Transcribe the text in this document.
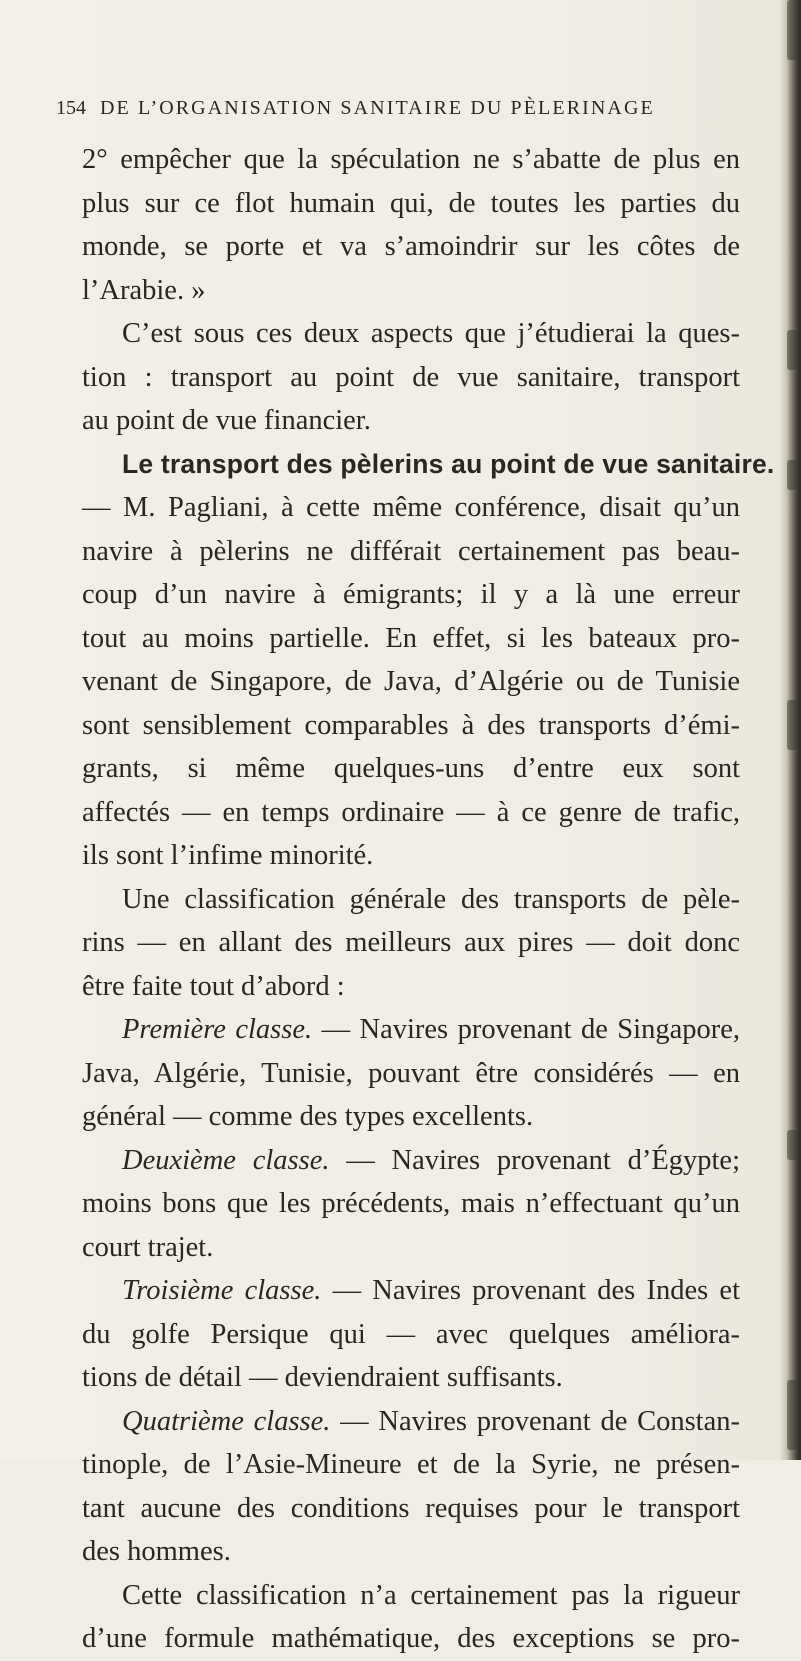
154 DE L’ORGANISATION SANITAIRE DU PÈLERINAGE
2° empêcher que la spéculation ne s’abatte de plus en
plus sur ce flot humain qui, de toutes les parties du
monde, se porte et va s’amoindrir sur les côtes de
l’Arabie. »
C’est sous ces deux aspects que j’étudierai la ques-
tion : transport au point de vue sanitaire, transport
au point de vue financier.
Le transport des pèlerins au point de vue sanitaire.
— M. Pagliani, à cette même conférence, disait qu’un
navire à pèlerins ne différait certainement pas beau-
coup d’un navire à émigrants; il y a là une erreur
tout au moins partielle. En effet, si les bateaux pro-
venant de Singapore, de Java, d’Algérie ou de Tunisie
sont sensiblement comparables à des transports d’émi-
grants, si même quelques-uns d’entre eux sont
affectés — en temps ordinaire — à ce genre de trafic,
ils sont l’infime minorité.
Une classification générale des transports de pèle-
rins — en allant des meilleurs aux pires — doit donc
être faite tout d’abord :
Première classe. — Navires provenant de Singapore,
Java, Algérie, Tunisie, pouvant être considérés — en
général — comme des types excellents.
Deuxième classe. — Navires provenant d’Égypte;
moins bons que les précédents, mais n’effectuant qu’un
court trajet.
Troisième classe. — Navires provenant des Indes et
du golfe Persique qui — avec quelques améliora-
tions de détail — deviendraient suffisants.
Quatrième classe. — Navires provenant de Constan-
tinople, de l’Asie-Mineure et de la Syrie, ne présen-
tant aucune des conditions requises pour le transport
des hommes.
Cette classification n’a certainement pas la rigueur
d’une formule mathématique, des exceptions se pro-
